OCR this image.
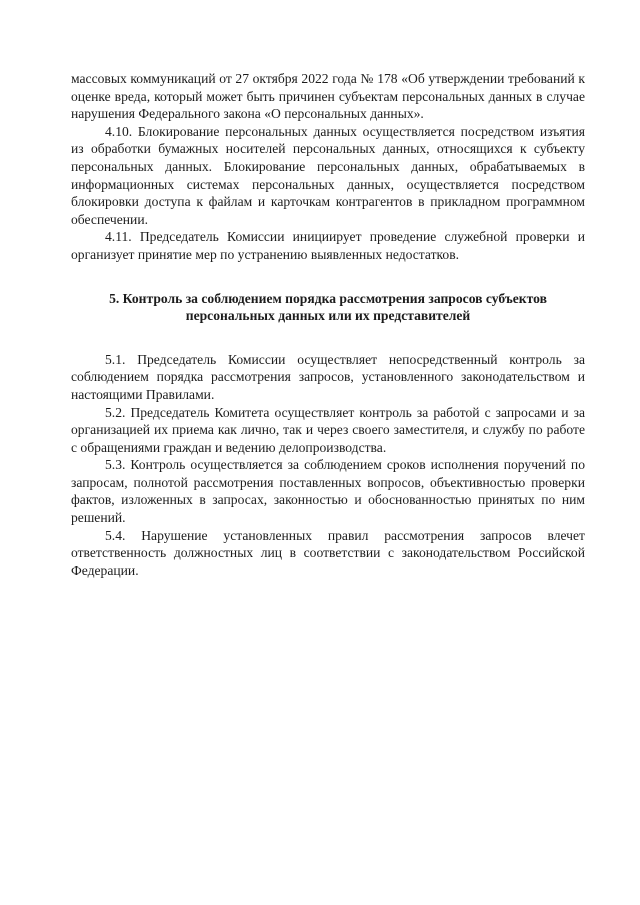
массовых коммуникаций от 27 октября 2022 года № 178 «Об утверждении требований к оценке вреда, который может быть причинен субъектам персональных данных в случае нарушения Федерального закона «О персональных данных».

4.10. Блокирование персональных данных осуществляется посредством изъятия из обработки бумажных носителей персональных данных, относящихся к субъекту персональных данных. Блокирование персональных данных, обрабатываемых в информационных системах персональных данных, осуществляется посредством блокировки доступа к файлам и карточкам контрагентов в прикладном программном обеспечении.

4.11. Председатель Комиссии инициирует проведение служебной проверки и организует принятие мер по устранению выявленных недостатков.

5. Контроль за соблюдением порядка рассмотрения запросов субъектов персональных данных или их представителей

5.1. Председатель Комиссии осуществляет непосредственный контроль за соблюдением порядка рассмотрения запросов, установленного законодательством и настоящими Правилами.

5.2. Председатель Комитета осуществляет контроль за работой с запросами и за организацией их приема как лично, так и через своего заместителя, и службу по работе с обращениями граждан и ведению делопроизводства.

5.3. Контроль осуществляется за соблюдением сроков исполнения поручений по запросам, полнотой рассмотрения поставленных вопросов, объективностью проверки фактов, изложенных в запросах, законностью и обоснованностью принятых по ним решений.

5.4. Нарушение установленных правил рассмотрения запросов влечет ответственность должностных лиц в соответствии с законодательством Российской Федерации.
